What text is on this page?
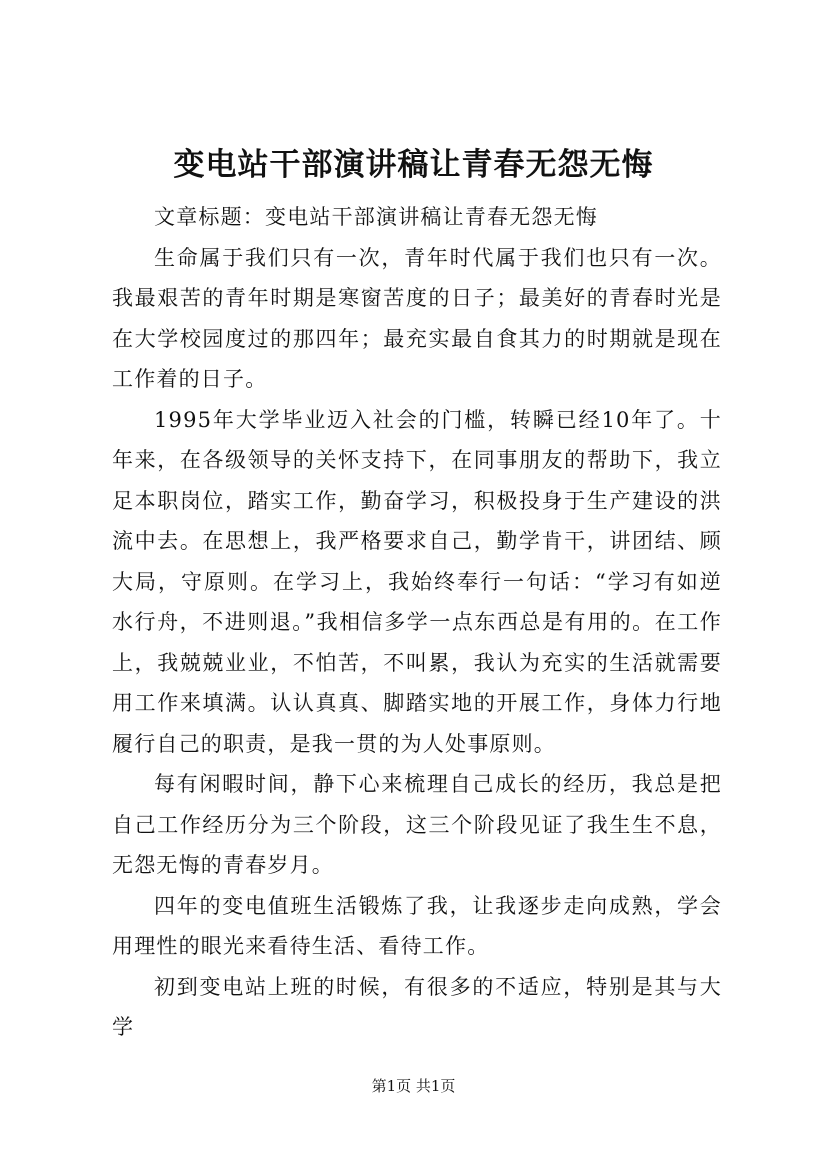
变电站干部演讲稿让青春无怨无悔

文章标题：变电站干部演讲稿让青春无怨无悔

生命属于我们只有一次，青年时代属于我们也只有一次。我最艰苦的青年时期是寒窗苦度的日子；最美好的青春时光是在大学校园度过的那四年；最充实最自食其力的时期就是现在工作着的日子。

1995年大学毕业迈入社会的门槛，转瞬已经10年了。十年来，在各级领导的关怀支持下，在同事朋友的帮助下，我立足本职岗位，踏实工作，勤奋学习，积极投身于生产建设的洪流中去。在思想上，我严格要求自己，勤学肯干，讲团结、顾大局，守原则。在学习上，我始终奉行一句话：“学习有如逆水行舟，不进则退。”我相信多学一点东西总是有用的。在工作上，我兢兢业业，不怕苦，不叫累，我认为充实的生活就需要用工作来填满。认认真真、脚踏实地的开展工作，身体力行地履行自己的职责，是我一贯的为人处事原则。

每有闲暇时间，静下心来梳理自己成长的经历，我总是把自己工作经历分为三个阶段，这三个阶段见证了我生生不息，无怨无悔的青春岁月。

四年的变电值班生活锻炼了我，让我逐步走向成熟，学会用理性的眼光来看待生活、看待工作。

初到变电站上班的时候，有很多的不适应，特别是其与大学

第1页 共1页
